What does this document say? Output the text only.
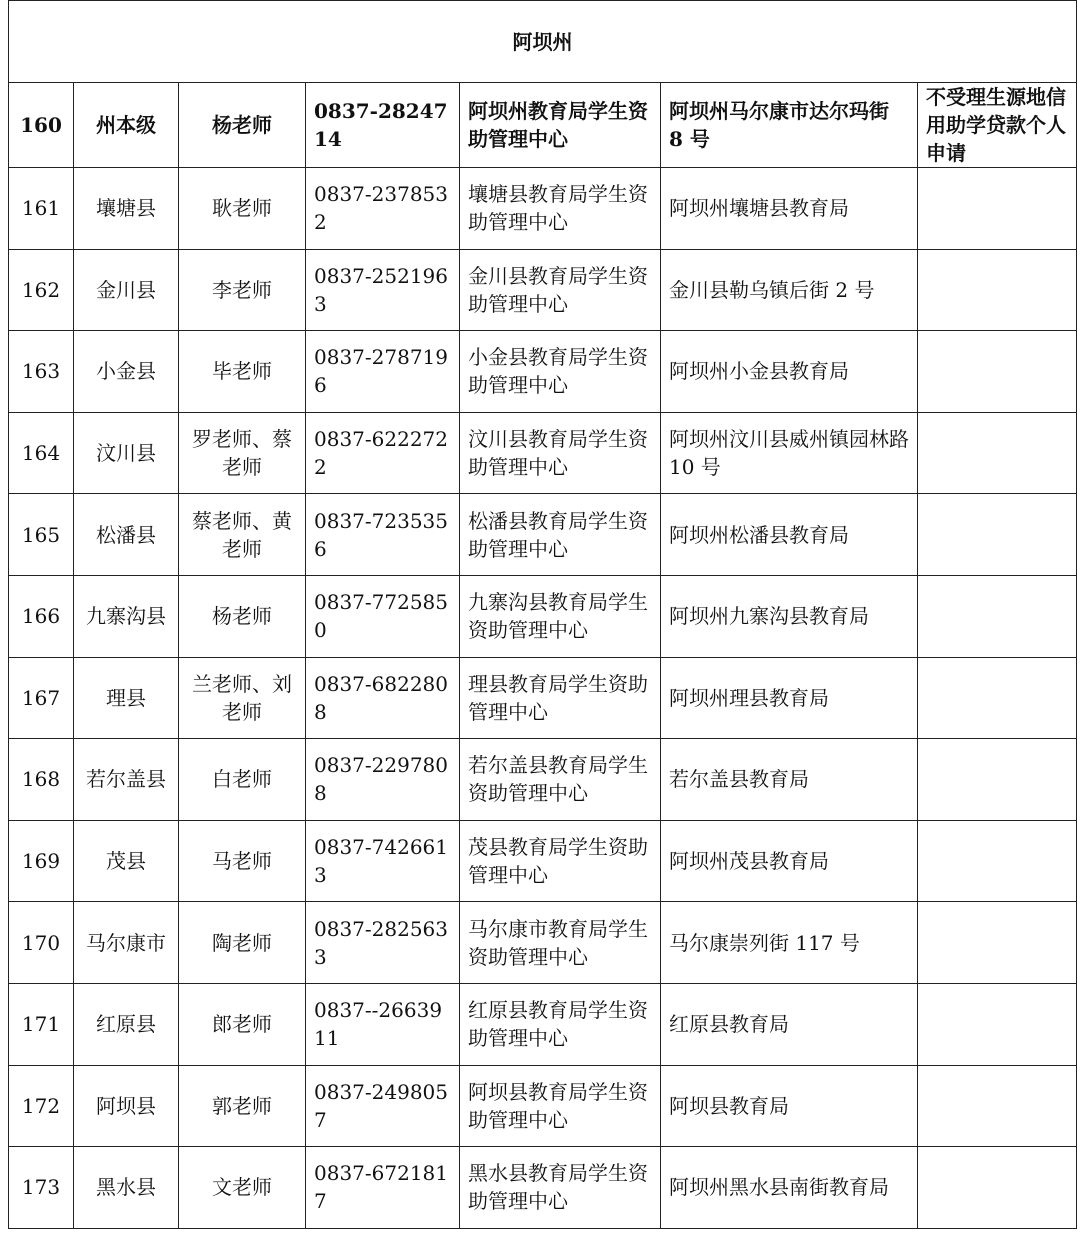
阿坝州						
160	州本级	杨老师	0837-2824714	阿坝州教育局学生资助管理中心	阿坝州马尔康市达尔玛街 8 号	不受理生源地信用助学贷款个人申请
161	壤塘县	耿老师	0837-2378532	壤塘县教育局学生资助管理中心	阿坝州壤塘县教育局	
162	金川县	李老师	0837-2521963	金川县教育局学生资助管理中心	金川县勒乌镇后街 2 号	
163	小金县	毕老师	0837-2787196	小金县教育局学生资助管理中心	阿坝州小金县教育局	
164	汶川县	罗老师、蔡老师	0837-6222722	汶川县教育局学生资助管理中心	阿坝州汶川县威州镇园林路 10 号	
165	松潘县	蔡老师、黄老师	0837-7235356	松潘县教育局学生资助管理中心	阿坝州松潘县教育局	
166	九寨沟县	杨老师	0837-7725850	九寨沟县教育局学生资助管理中心	阿坝州九寨沟县教育局	
167	理县	兰老师、刘老师	0837-6822808	理县教育局学生资助管理中心	阿坝州理县教育局	
168	若尔盖县	白老师	0837-2297808	若尔盖县教育局学生资助管理中心	若尔盖县教育局	
169	茂县	马老师	0837-7426613	茂县教育局学生资助管理中心	阿坝州茂县教育局	
170	马尔康市	陶老师	0837-2825633	马尔康市教育局学生资助管理中心	马尔康崇列街 117 号	
171	红原县	郎老师	0837--2663911	红原县教育局学生资助管理中心	红原县教育局	
172	阿坝县	郭老师	0837-2498057	阿坝县教育局学生资助管理中心	阿坝县教育局	
173	黑水县	文老师	0837-6721817	黑水县教育局学生资助管理中心	阿坝州黑水县南街教育局	
